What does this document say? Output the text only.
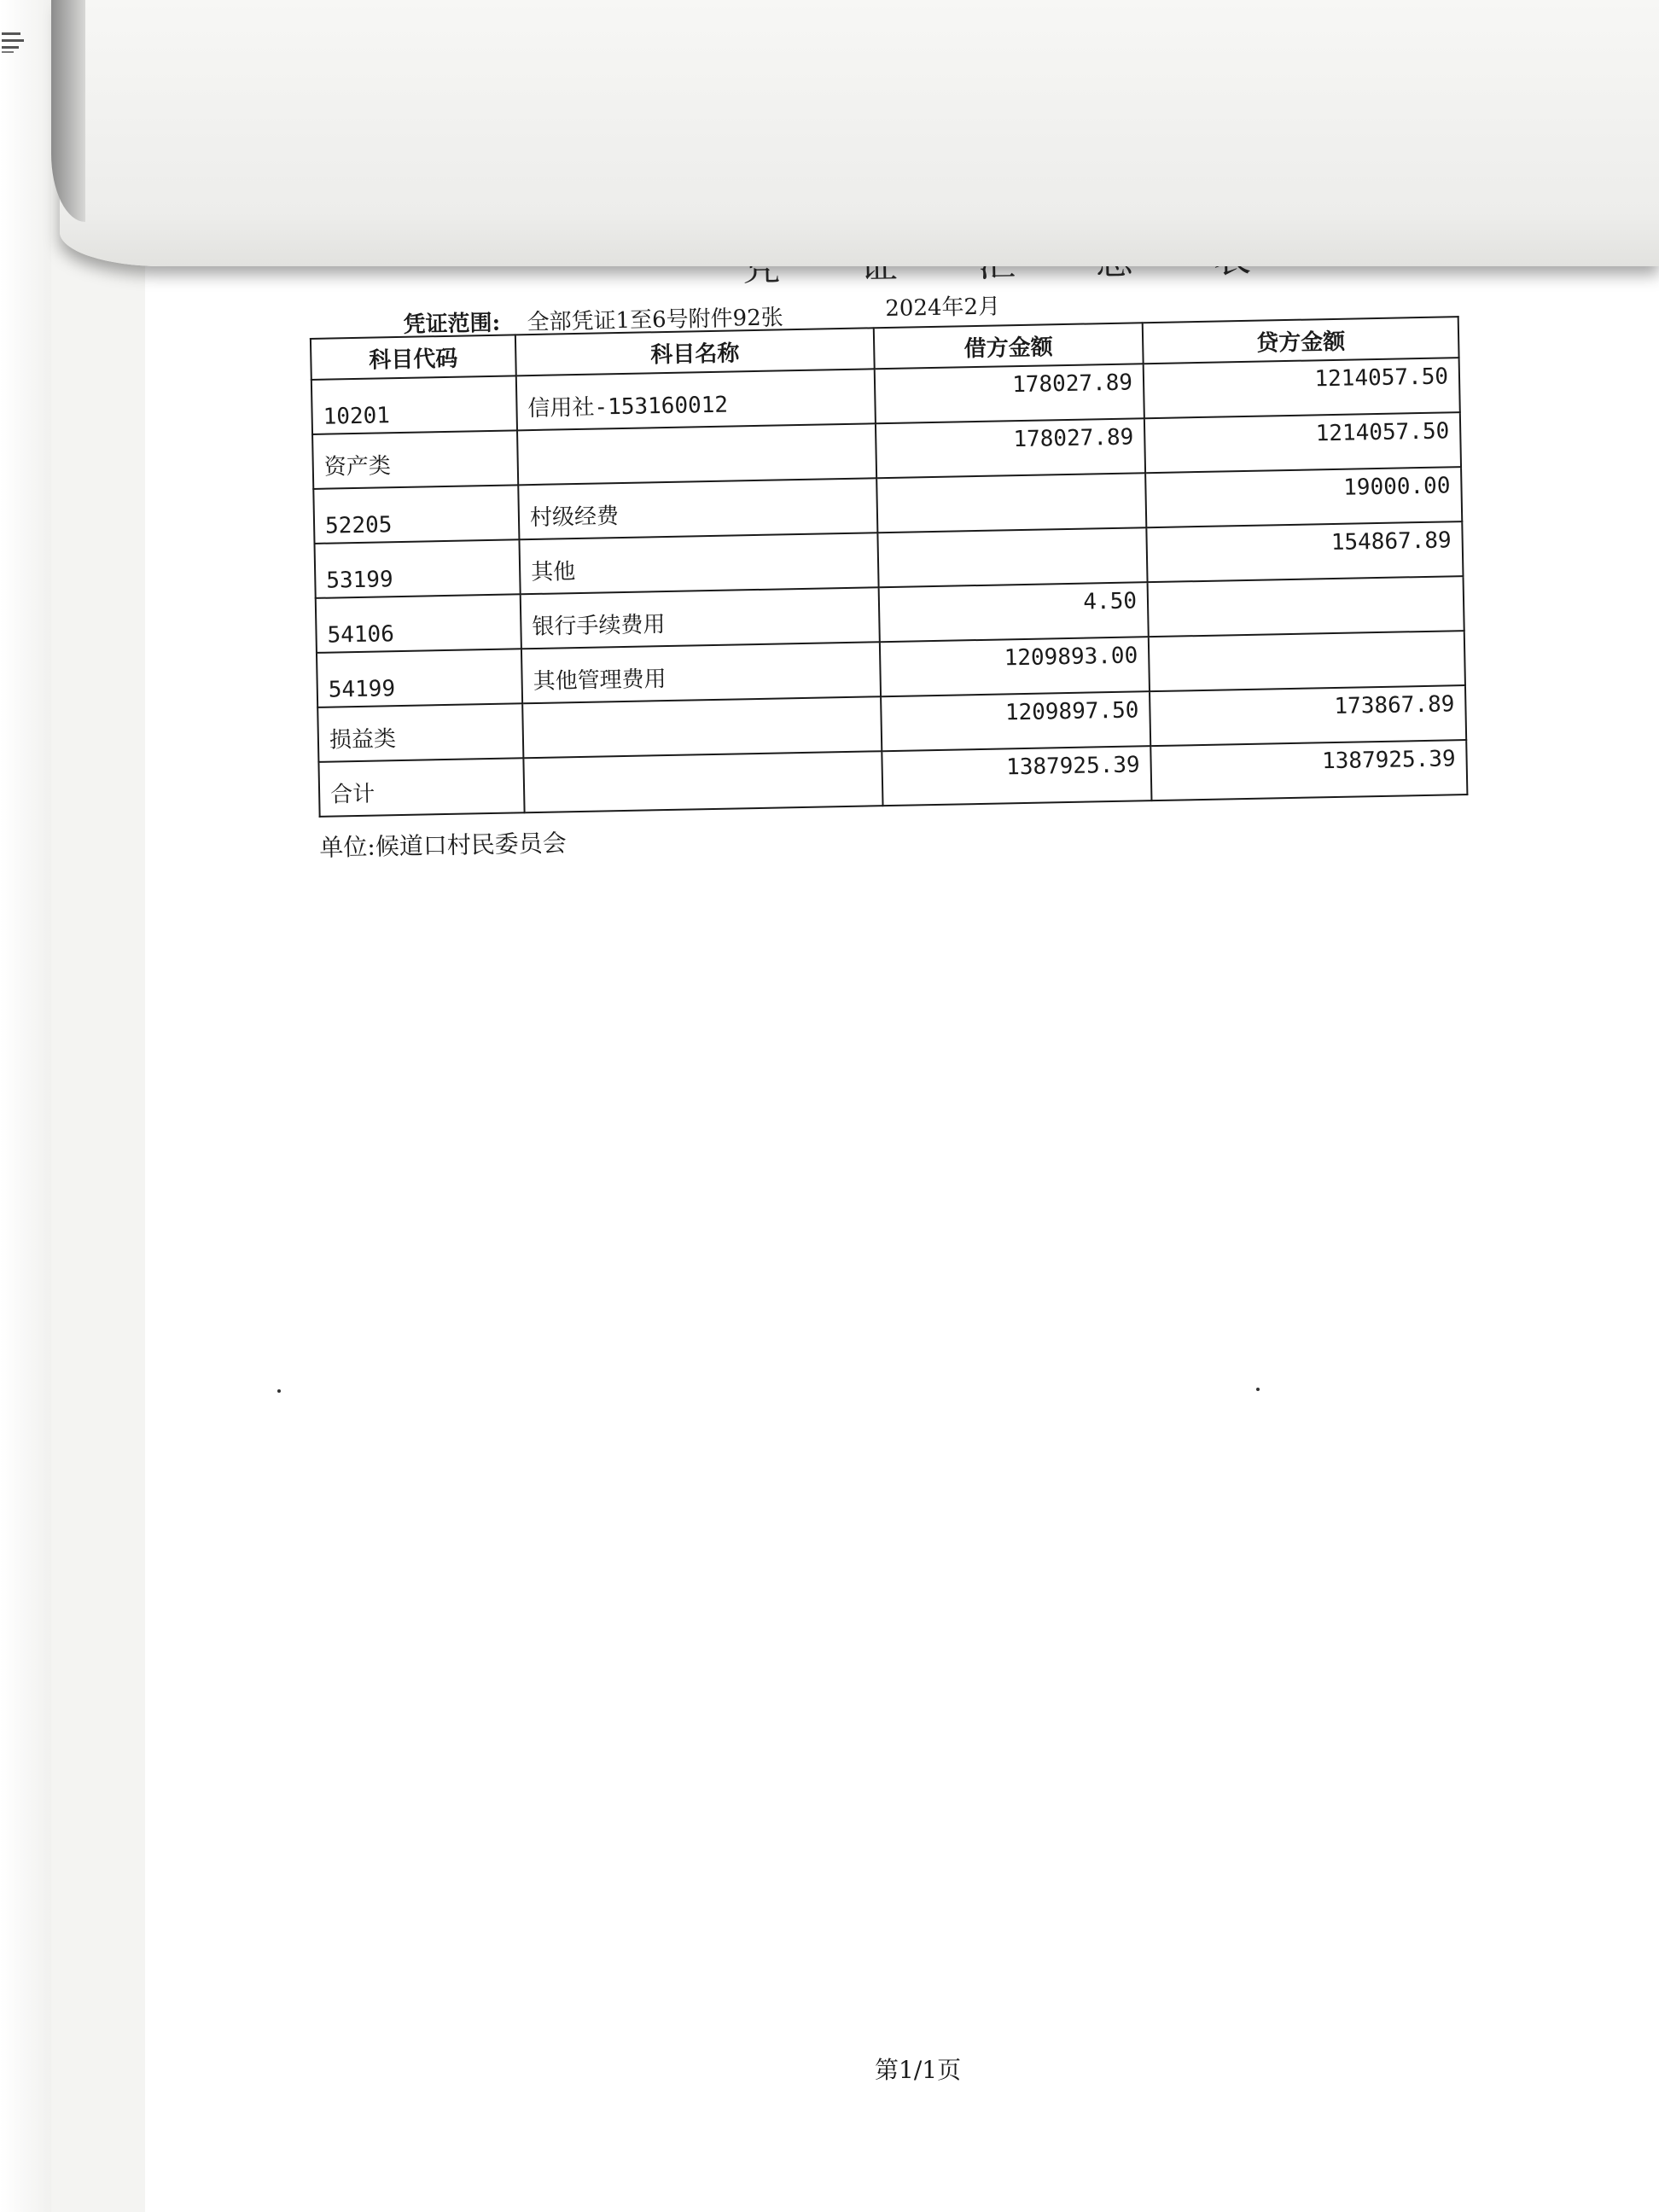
凭证范围: 全部凭证1至6号附件92张	2024年2月
科目代码	科目名称	借方金额	贷方金额
10201	信用社-153160012	178027.89	1214057.50
资产类		178027.89	1214057.50
52205	村级经费		19000.00
53199	其他		154867.89
54106	银行手续费用	4.50	
54199	其他管理费用	1209893.00	
损益类		1209897.50	173867.89
合计		1387925.39	1387925.39
单位:候道口村民委员会
第1/1页
